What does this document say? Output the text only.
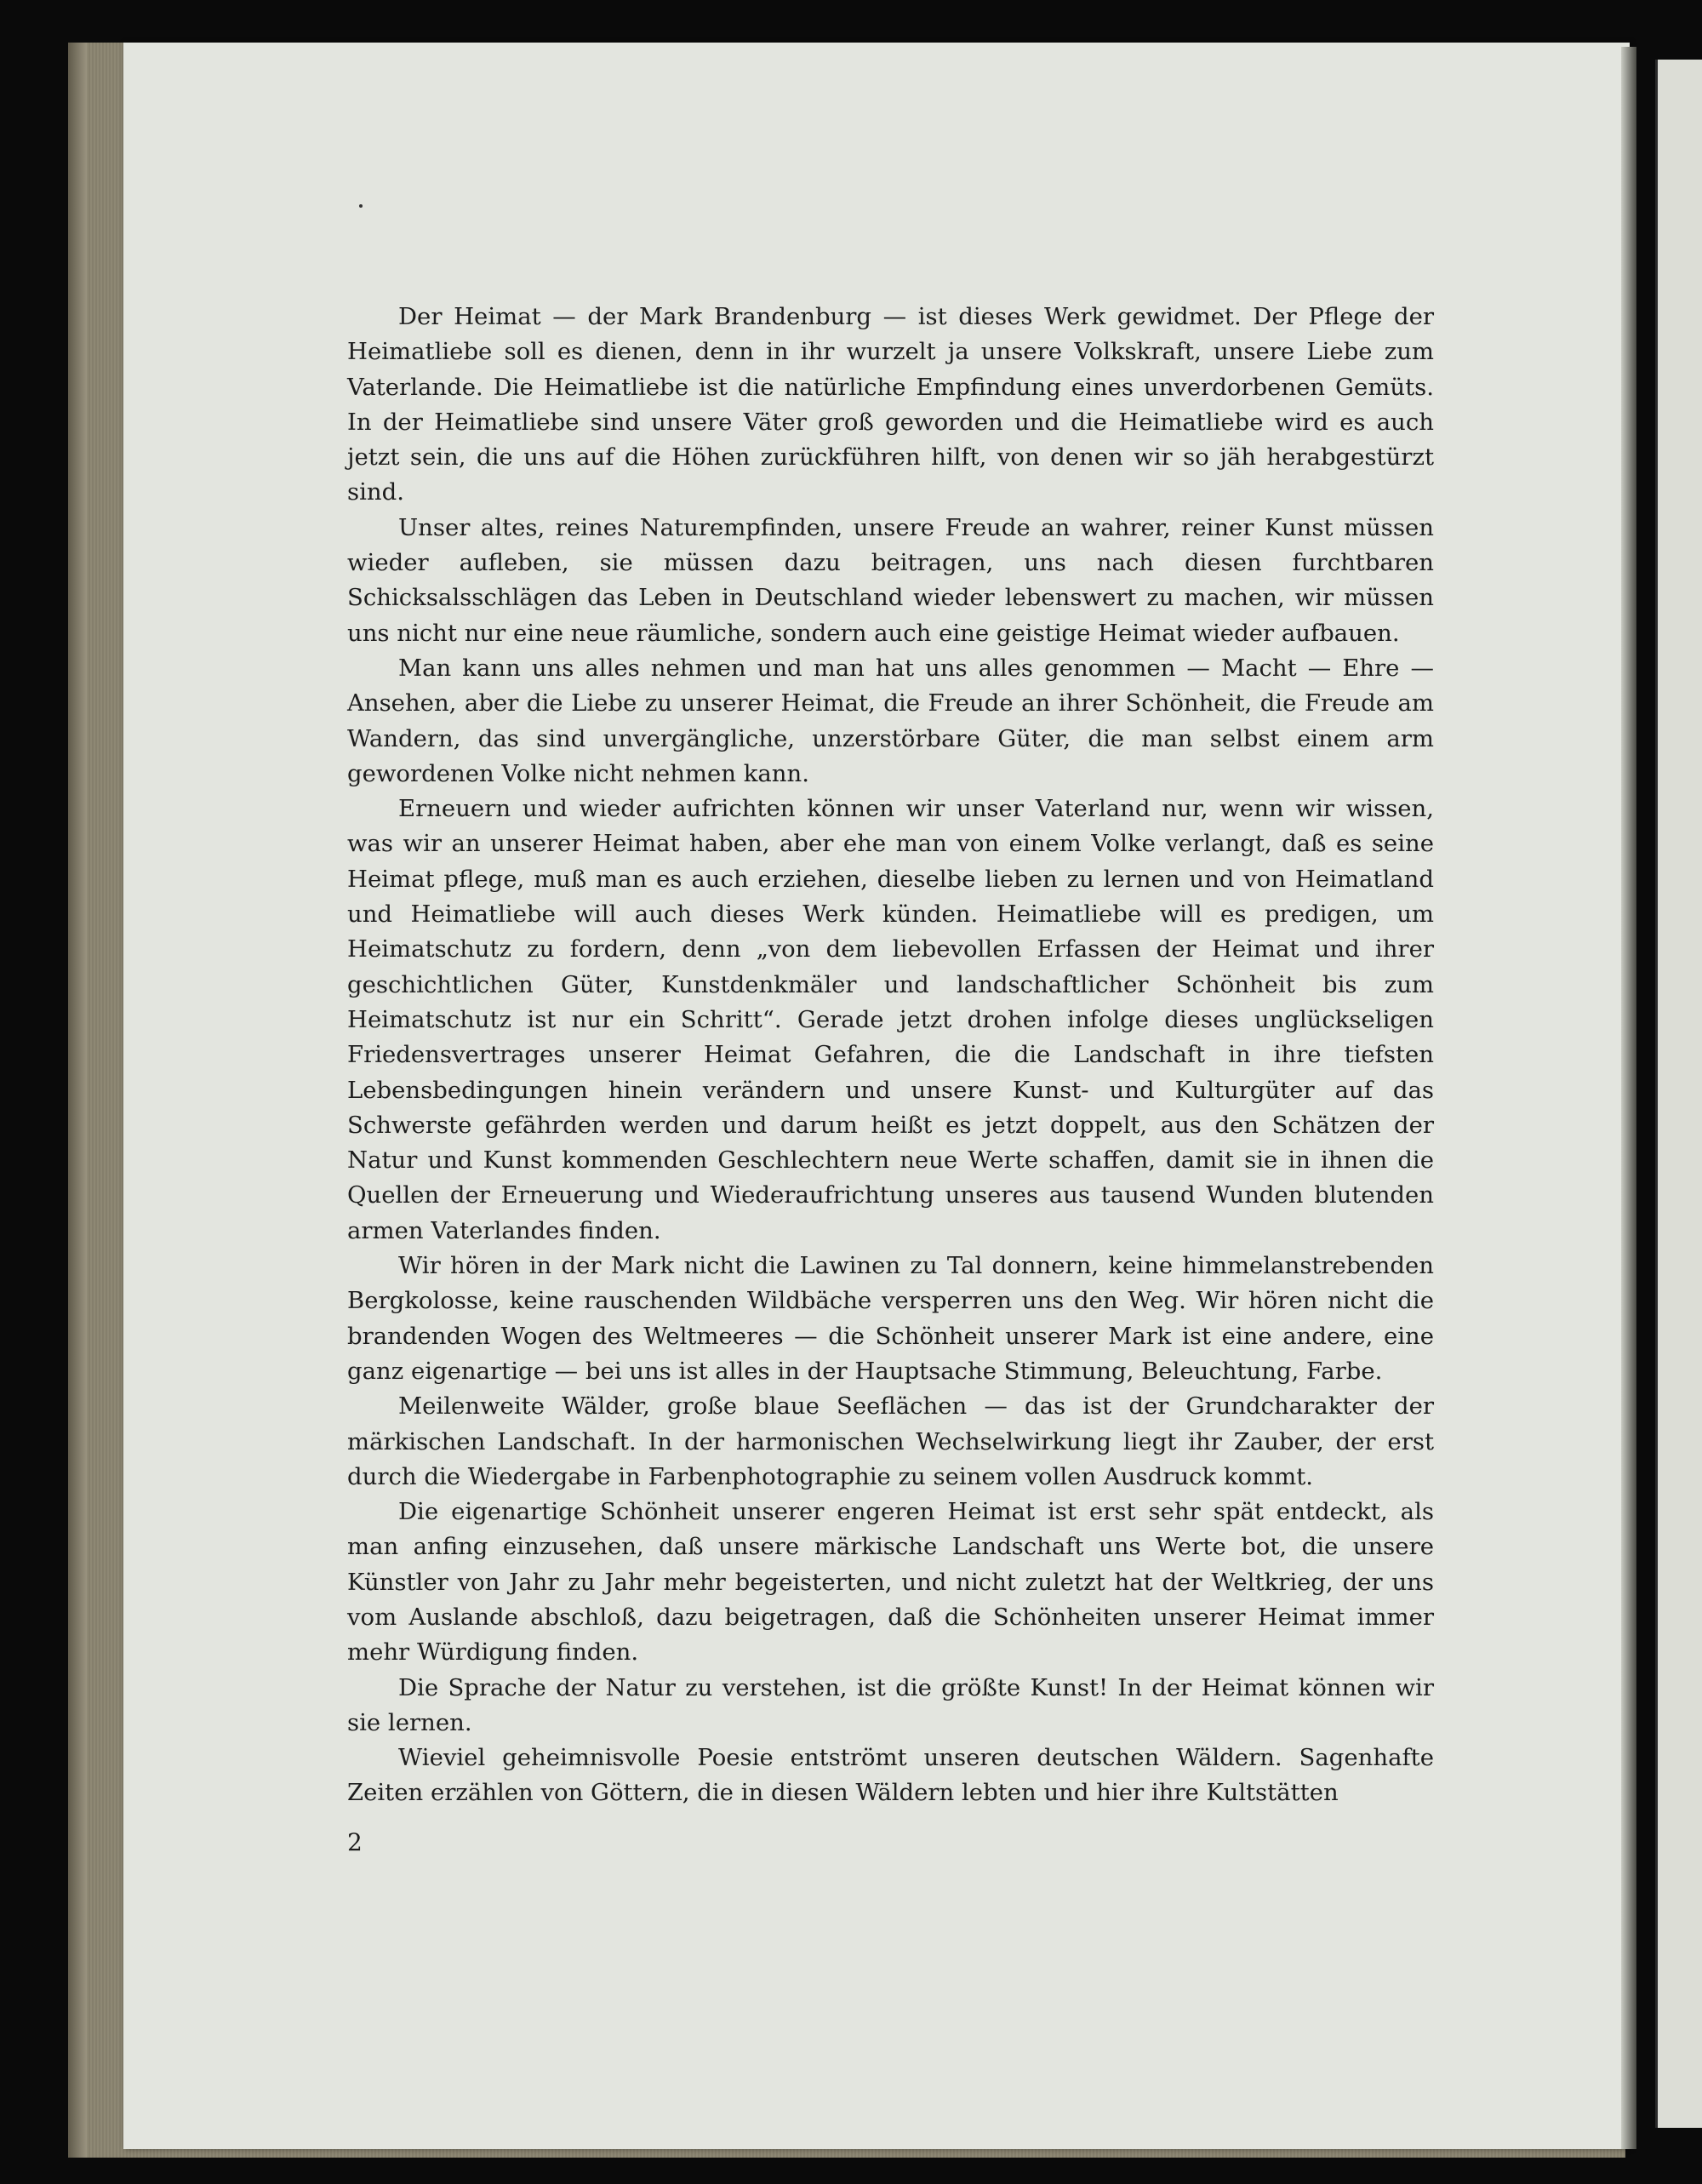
Der Heimat — der Mark Brandenburg — ist dieses Werk gewidmet. Der Pflege der Heimatliebe soll es dienen, denn in ihr wurzelt ja unsere Volkskraft, unsere Liebe zum Vaterlande. Die Heimatliebe ist die natürliche Empfindung eines unverdorbenen Gemüts. In der Heimatliebe sind unsere Väter groß geworden und die Heimatliebe wird es auch jetzt sein, die uns auf die Höhen zurückführen hilft, von denen wir so jäh herabgestürzt sind.

Unser altes, reines Naturempfinden, unsere Freude an wahrer, reiner Kunst müssen wieder aufleben, sie müssen dazu beitragen, uns nach diesen furchtbaren Schicksalsschlägen das Leben in Deutschland wieder lebenswert zu machen, wir müssen uns nicht nur eine neue räumliche, sondern auch eine geistige Heimat wieder aufbauen.

Man kann uns alles nehmen und man hat uns alles genommen — Macht — Ehre — Ansehen, aber die Liebe zu unserer Heimat, die Freude an ihrer Schönheit, die Freude am Wandern, das sind unvergängliche, unzerstörbare Güter, die man selbst einem arm gewordenen Volke nicht nehmen kann.

Erneuern und wieder aufrichten können wir unser Vaterland nur, wenn wir wissen, was wir an unserer Heimat haben, aber ehe man von einem Volke verlangt, daß es seine Heimat pflege, muß man es auch erziehen, dieselbe lieben zu lernen und von Heimatland und Heimatliebe will auch dieses Werk künden. Heimatliebe will es predigen, um Heimatschutz zu fordern, denn „von dem liebevollen Erfassen der Heimat und ihrer geschichtlichen Güter, Kunstdenkmäler und landschaftlicher Schönheit bis zum Heimatschutz ist nur ein Schritt“. Gerade jetzt drohen infolge dieses unglückseligen Friedensvertrages unserer Heimat Gefahren, die die Landschaft in ihre tiefsten Lebensbedingungen hinein verändern und unsere Kunst- und Kulturgüter auf das Schwerste gefährden werden und darum heißt es jetzt doppelt, aus den Schätzen der Natur und Kunst kommenden Geschlechtern neue Werte schaffen, damit sie in ihnen die Quellen der Erneuerung und Wiederaufrichtung unseres aus tausend Wunden blutenden armen Vaterlandes finden.

Wir hören in der Mark nicht die Lawinen zu Tal donnern, keine himmelanstrebenden Bergkolosse, keine rauschenden Wildbäche versperren uns den Weg. Wir hören nicht die brandenden Wogen des Weltmeeres — die Schönheit unserer Mark ist eine andere, eine ganz eigenartige — bei uns ist alles in der Hauptsache Stimmung, Beleuchtung, Farbe.

Meilenweite Wälder, große blaue Seeflächen — das ist der Grundcharakter der märkischen Landschaft. In der harmonischen Wechselwirkung liegt ihr Zauber, der erst durch die Wiedergabe in Farbenphotographie zu seinem vollen Ausdruck kommt.

Die eigenartige Schönheit unserer engeren Heimat ist erst sehr spät entdeckt, als man anfing einzusehen, daß unsere märkische Landschaft uns Werte bot, die unsere Künstler von Jahr zu Jahr mehr begeisterten, und nicht zuletzt hat der Weltkrieg, der uns vom Auslande abschloß, dazu beigetragen, daß die Schönheiten unserer Heimat immer mehr Würdigung finden.

Die Sprache der Natur zu verstehen, ist die größte Kunst! In der Heimat können wir sie lernen.

Wieviel geheimnisvolle Poesie entströmt unseren deutschen Wäldern. Sagenhafte Zeiten erzählen von Göttern, die in diesen Wäldern lebten und hier ihre Kultstätten

2
